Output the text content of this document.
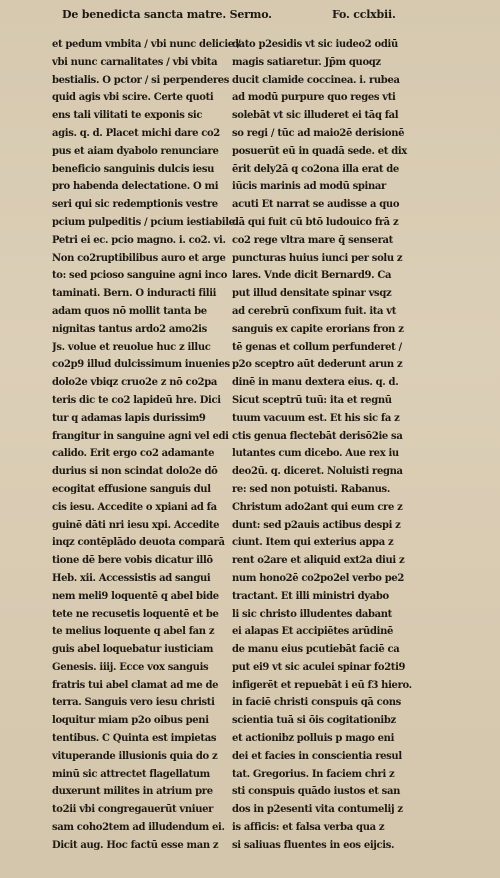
De benedicta sancta matre. Sermo.	Fo. cclxbii.
et pedum vmbita / vbi nunc delicie /
vbi nunc carnalitates / vbi vbita
bestialis. O pctor / si perpenderes
quid agis vbi scire. Certe quoti
ens tali vilitati te exponis sic
agis. q. d. Placet michi dare co2
pus et aiam dyabolo renunciare
beneficio sanguinis dulcis iesu
pro habenda delectatione. O mi
seri qui sic redemptionis vestre
pcium pulpeditis / pcium iestiabile.
Petri ei ec. pcio magno. i. co2. vi.
Non co2ruptibilibus auro et arge
to: sed pcioso sanguine agni inco
taminati. Bern. O induracti filii
adam quos nō mollit tanta be
nignitas tantus ardo2 amo2is
Js. volue et reuolue huc z illuc
co2p9 illud dulcissimum inuenies
dolo2e vbiqz cruo2e z nō co2pa
teris dic te co2 lapideū hre. Dici
tur q adamas lapis durissim9
frangitur in sanguine agni vel edi
calido. Erit ergo co2 adamante
durius si non scindat dolo2e dō
ecogitat effusione sanguis dul
cis iesu. Accedite o xpiani ad fa
guinē dāti nri iesu xpi. Accedite
inqz contēplādo deuota comparā
tione dē bere vobis dicatur illō
Heb. xii. Accessistis ad sangui
nem meli9 loquentē q abel bide
tete ne recusetis loquentē et be
te melius loquente q abel fan z
guis abel loquebatur iusticiam
Genesis. iiij. Ecce vox sanguis
fratris tui abel clamat ad me de
terra. Sanguis vero iesu christi
loquitur miam p2o oibus peni
tentibus. C Quinta est impietas
vituperande illusionis quia do z
minū sic attrectet flagellatum
duxerunt milites in atrium pre
to2ii vbi congregauerūt vniuer
sam coho2tem ad illudendum ei.
Dicit aug. Hoc factū esse man z
dato p2esidis vt sic iudeo2 odiū
magis satiaretur. Jp̄m quoqz
ducit clamide coccinea. i. rubea
ad modū purpure quo reges vti
solebāt vt sic illuderet ei tāq fal
so regi / tūc ad maio2ē derisionē
posuerūt eū in quadā sede. et dix
ērit dely2ā q co2ona illa erat de
iūcis marinis ad modū spinar
acuti Et narrat se audisse a quo
dā qui fuit cū btō ludouico frā z
co2 rege vltra mare q̄ senserat
puncturas huius iunci per solu z
lares. Vnde dicit Bernard9. Ca
put illud densitate spinar vsqz
ad cerebrū confixum fuit. ita vt
sanguis ex capite erorians fron z
tē genas et collum perfunderet /
p2o sceptro aūt dederunt arun z
dinē in manu dextera eius. q. d.
Sicut sceptrū tuū: ita et regnū
tuum vacuum est. Et his sic fa z
ctis genua flectebāt derisō2ie sa
lutantes cum dicebo. Aue rex iu
deo2ū. q. diceret. Noluisti regna
re: sed non potuisti. Rabanus.
Christum ado2ant qui eum cre z
dunt: sed p2auis actibus despi z
ciunt. Item qui exterius appa z
rent o2are et aliquid ext2a diui z
num hono2ē co2po2el verbo pe2
tractant. Et illi ministri dyabo
li sic christo illudentes dabant
ei alapas Et accipiētes arūdinē
de manu eius pcutiebāt faciē ca
put ei9 vt sic aculei spinar fo2ti9
infigerēt et repuebāt i eū f3 hiero.
in faciē christi conspuis qā cons
scientia tuā si ōis cogitationibz
et actionibz polluis p mago eni
dei et facies in conscientia resul
tat. Gregorius. In faciem chri z
sti conspuis quādo iustos et san
dos in p2esenti vita contumelij z
is afficis: et falsa verba qua z
si saliuas fluentes in eos eijcis.
